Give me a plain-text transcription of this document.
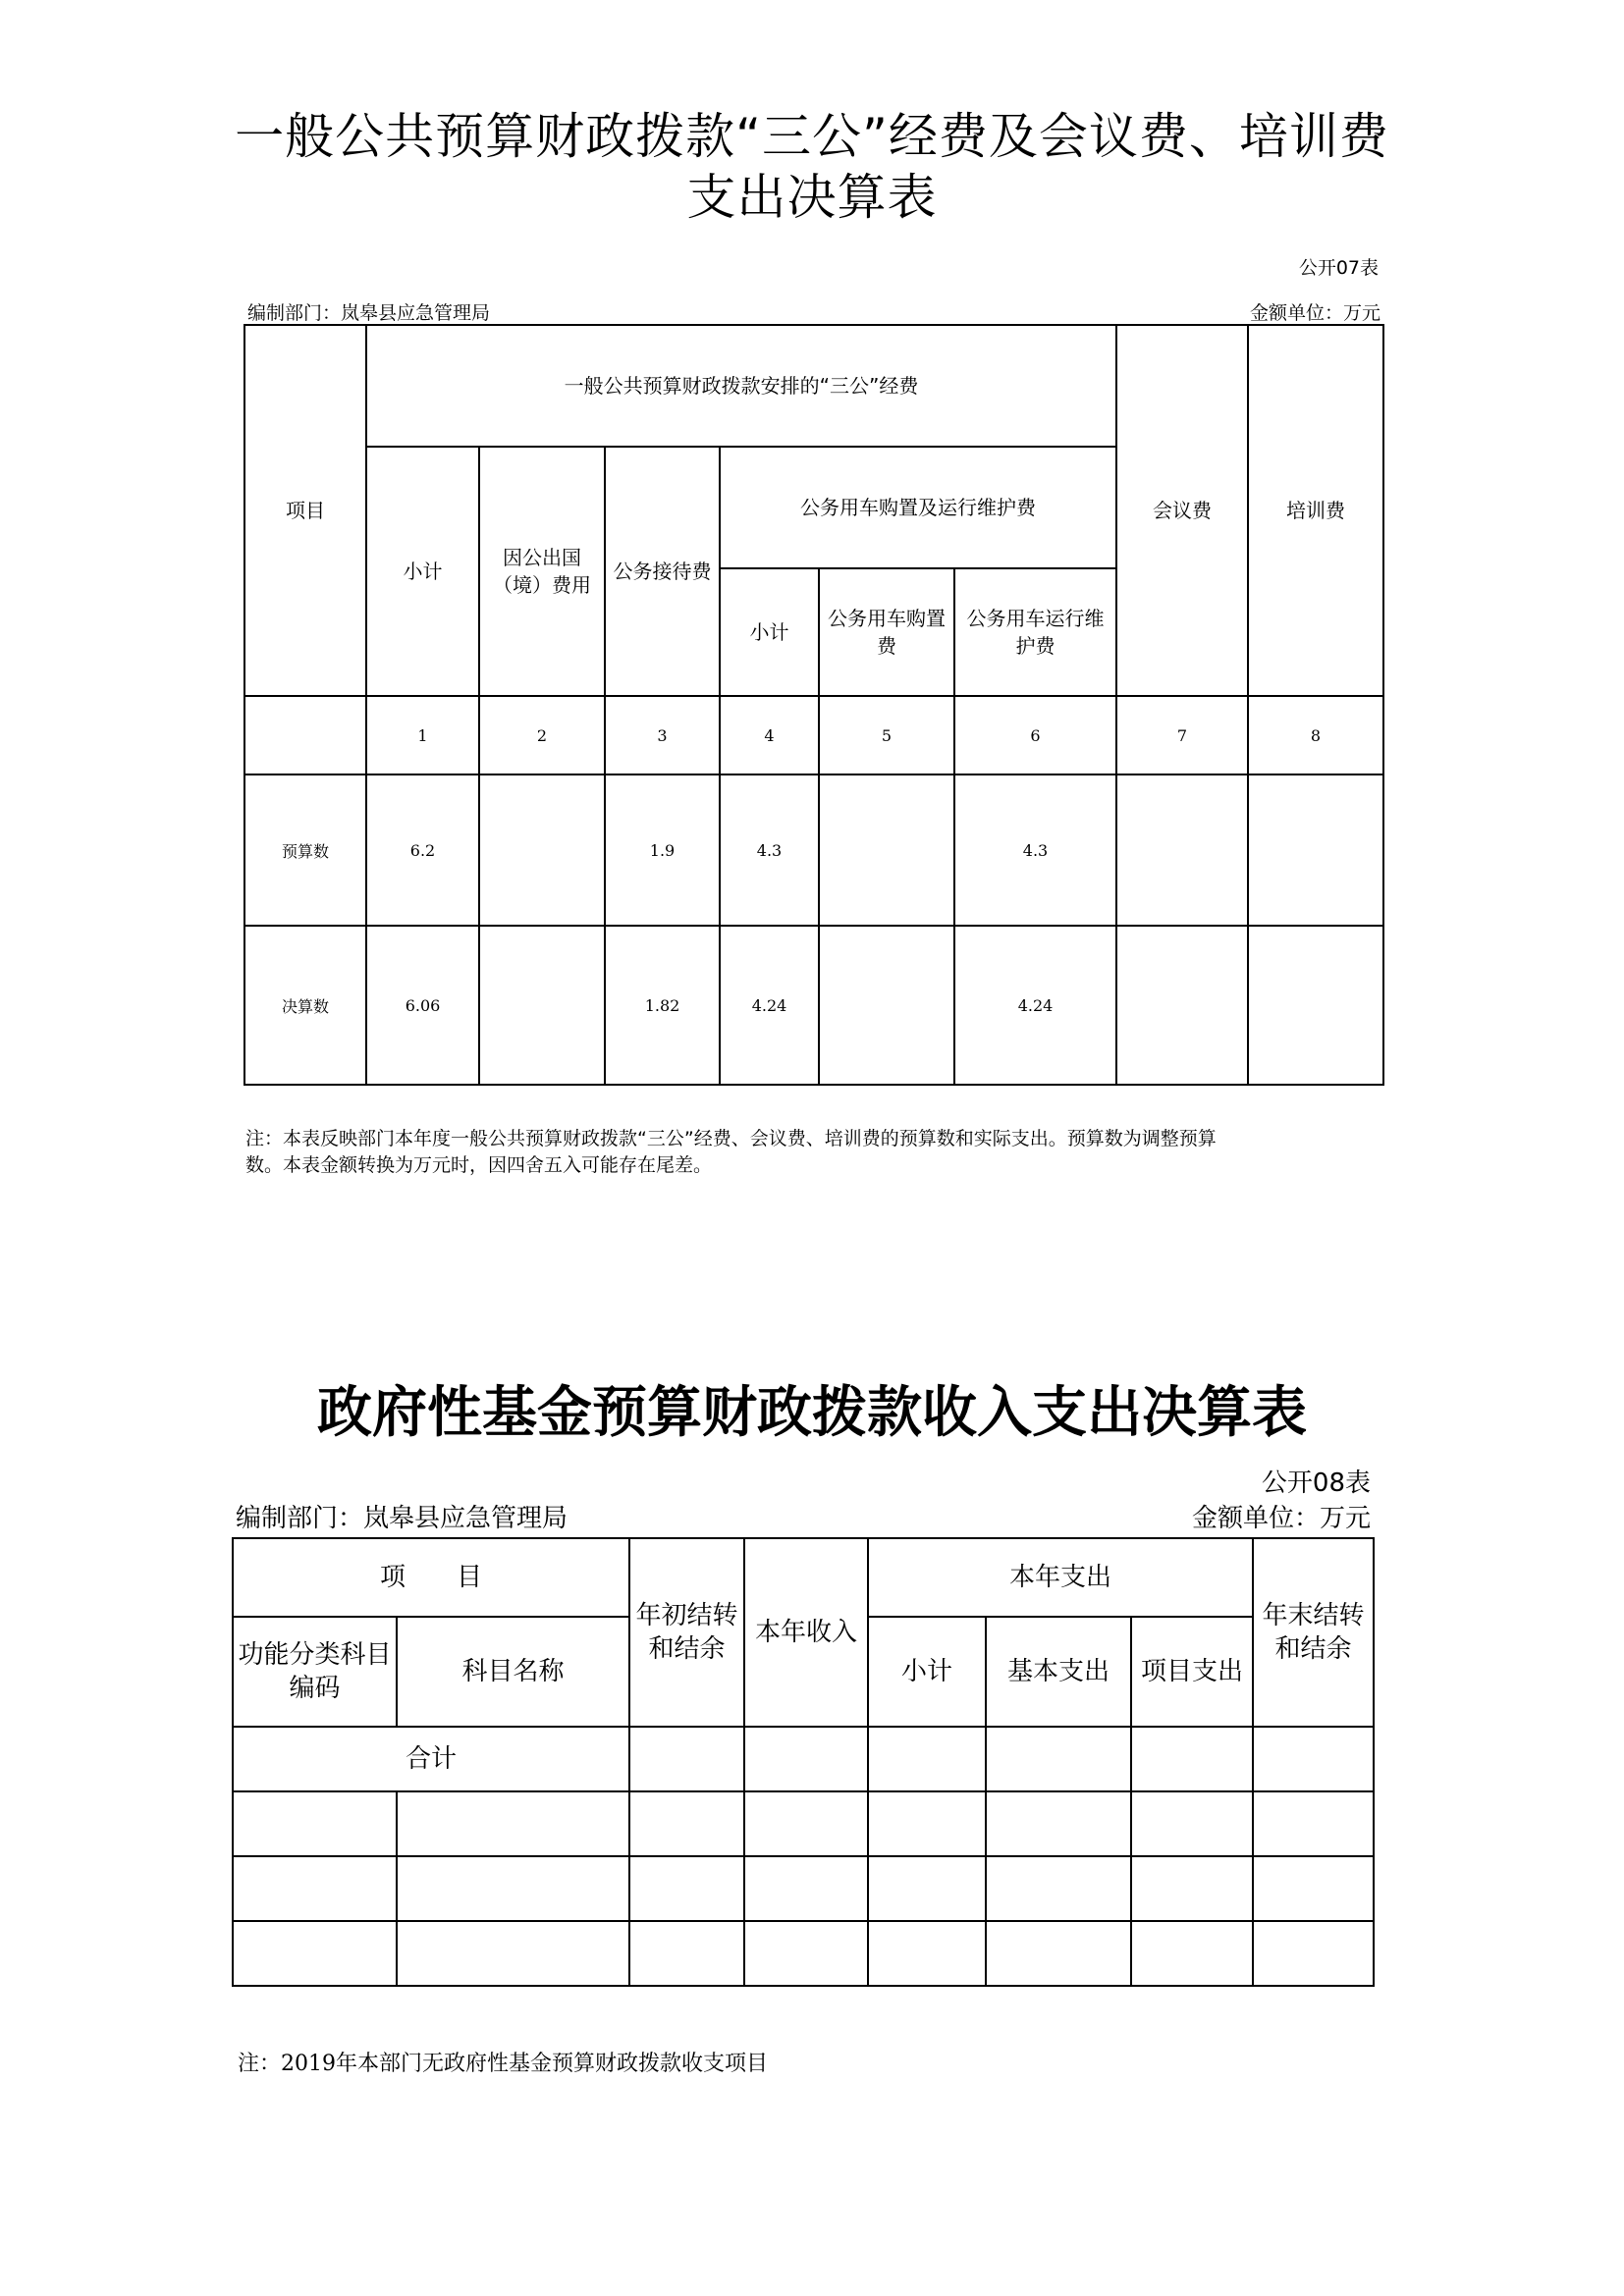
一般公共预算财政拨款“三公”经费及会议费、培训费
支出决算表
公开07表
编制部门：岚皋县应急管理局	金额单位：万元
项目	一般公共预算财政拨款安排的“三公”经费						会议费	培训费
	小计	因公出国（境）费用	公务接待费	公务用车购置及运行维护费				
				小计	公务用车购置费	公务用车运行维护费		

	1	2	3	4	5	6	7	8
预算数	6.2		1.9	4.3		4.3		
决算数	6.06		1.82	4.24		4.24		
注：本表反映部门本年度一般公共预算财政拨款“三公”经费、会议费、培训费的预算数和实际支出。预算数为调整预算
数。本表金额转换为万元时，因四舍五入可能存在尾差。
政府性基金预算财政拨款收入支出决算表
公开08表
编制部门：岚皋县应急管理局	金额单位：万元
项　　目		年初结转和结余	本年收入	本年支出			年末结转和结余
功能分类科目编码	科目名称			小计	基本支出	项目支出	
合计							

注：2019年本部门无政府性基金预算财政拨款收支项目
